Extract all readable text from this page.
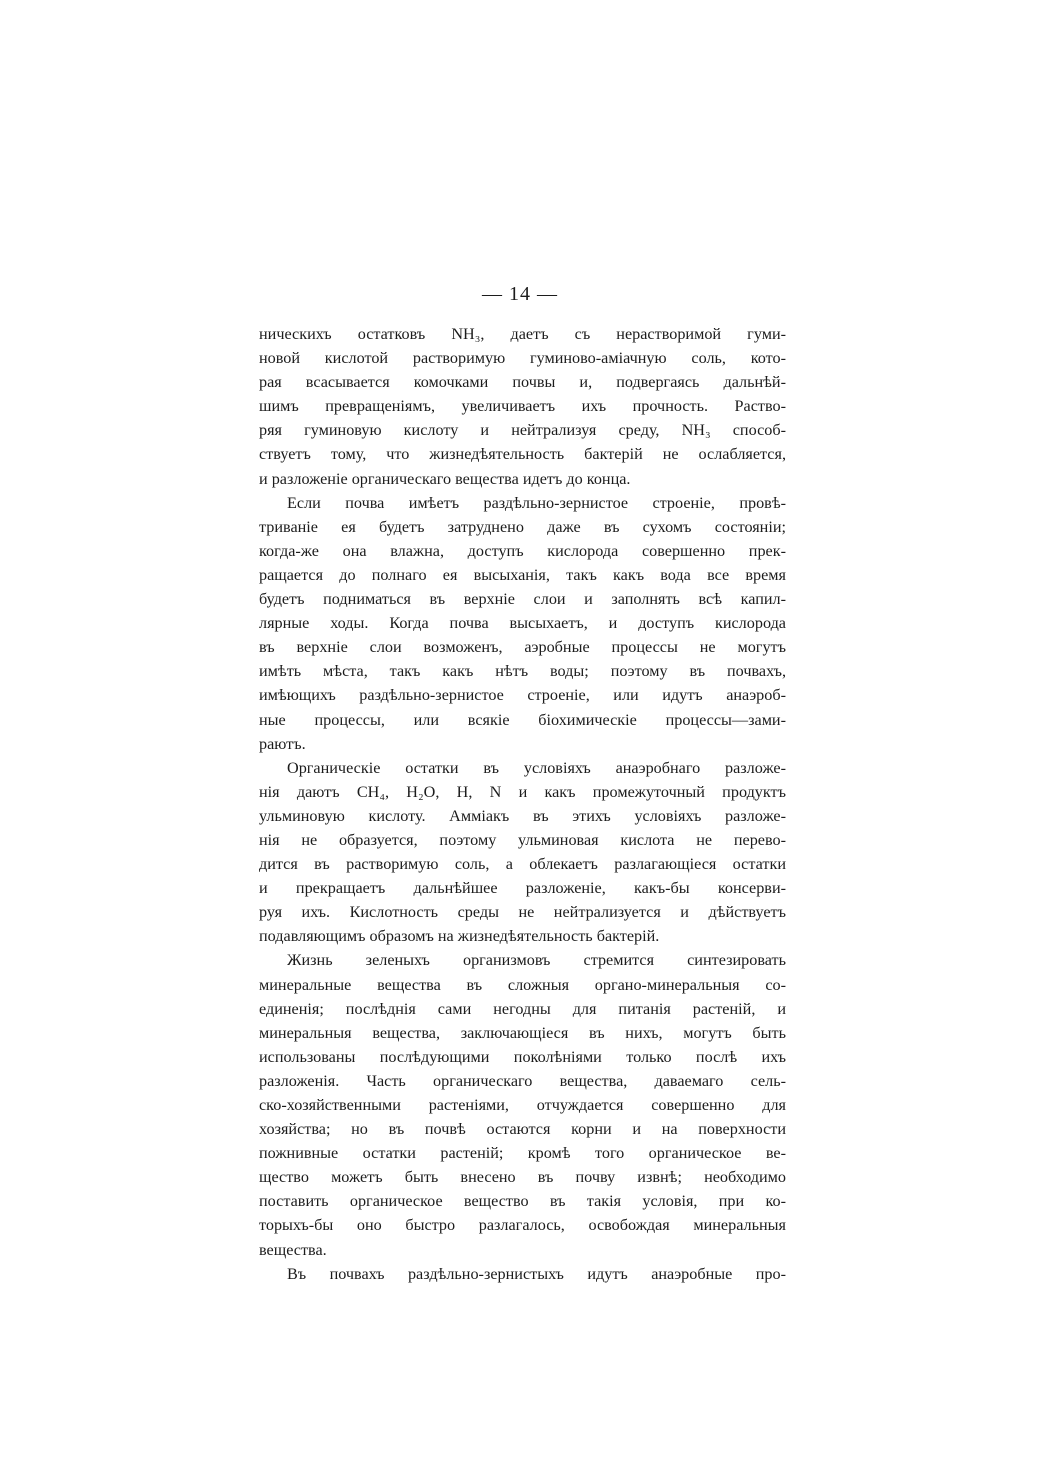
— 14 —
ническихъ остатковъ NH₃, даетъ съ нерастворимой гуми-
новой кислотой растворимую гуминово-аміачную соль, кото-
рая всасывается комочками почвы и, подвергаясь дальнѣй-
шимъ превращеніямъ, увеличиваетъ ихъ прочность. Раство-
ряя гуминовую кислоту и нейтрализуя среду, NH₃ способ-
ствуетъ тому, что жизнедѣятельность бактерій не ослабляется,
и разложеніе органическаго вещества идетъ до конца.
Если почва имѣетъ раздѣльно-зернистое строеніе, провѣ-
триваніе ея будетъ затруднено даже въ сухомъ состояніи;
когда-же она влажна, доступъ кислорода совершенно прек-
ращается до полнаго ея высыханія, такъ какъ вода все время
будетъ подниматься въ верхніе слои и заполнять всѣ капил-
лярные ходы. Когда почва высыхаетъ, и доступъ кислорода
въ верхніе слои возможенъ, аэробные процессы не могутъ
имѣть мѣста, такъ какъ нѣтъ воды; поэтому въ почвахъ,
имѣющихъ раздѣльно-зернистое строеніе, или идутъ анаэроб-
ные процессы, или всякіе біохимическіе процессы—зами-
раютъ.
Органическіе остатки въ условіяхъ анаэробнаго разложе-
нія даютъ CH₄, H₂O, H, N и какъ промежуточный продуктъ
ульминовую кислоту. Амміакъ въ этихъ условіяхъ разложе-
нія не образуется, поэтому ульминовая кислота не перево-
дится въ растворимую соль, а облекаетъ разлагающіеся остатки
и прекращаетъ дальнѣйшее разложеніе, какъ-бы консерви-
руя ихъ. Кислотность среды не нейтрализуется и дѣйствуетъ
подавляющимъ образомъ на жизнедѣятельность бактерій.
Жизнь зеленыхъ организмовъ стремится синтезировать
минеральные вещества въ сложныя органо-минеральныя со-
единенія; послѣднія сами негодны для питанія растеній, и
минеральныя вещества, заключающіеся въ нихъ, могутъ быть
использованы послѣдующими поколѣніями только послѣ ихъ
разложенія. Часть органическаго вещества, даваемаго сель-
ско-хозяйственными растеніями, отчуждается совершенно для
хозяйства; но въ почвѣ остаются корни и на поверхности
пожнивные остатки растеній; кромѣ того органическое ве-
щество можетъ быть внесено въ почву извнѣ; необходимо
поставить органическое вещество въ такія условія, при ко-
торыхъ-бы оно быстро разлагалось, освобождая минеральныя
вещества.
Въ почвахъ раздѣльно-зернистыхъ идутъ анаэробные про-
